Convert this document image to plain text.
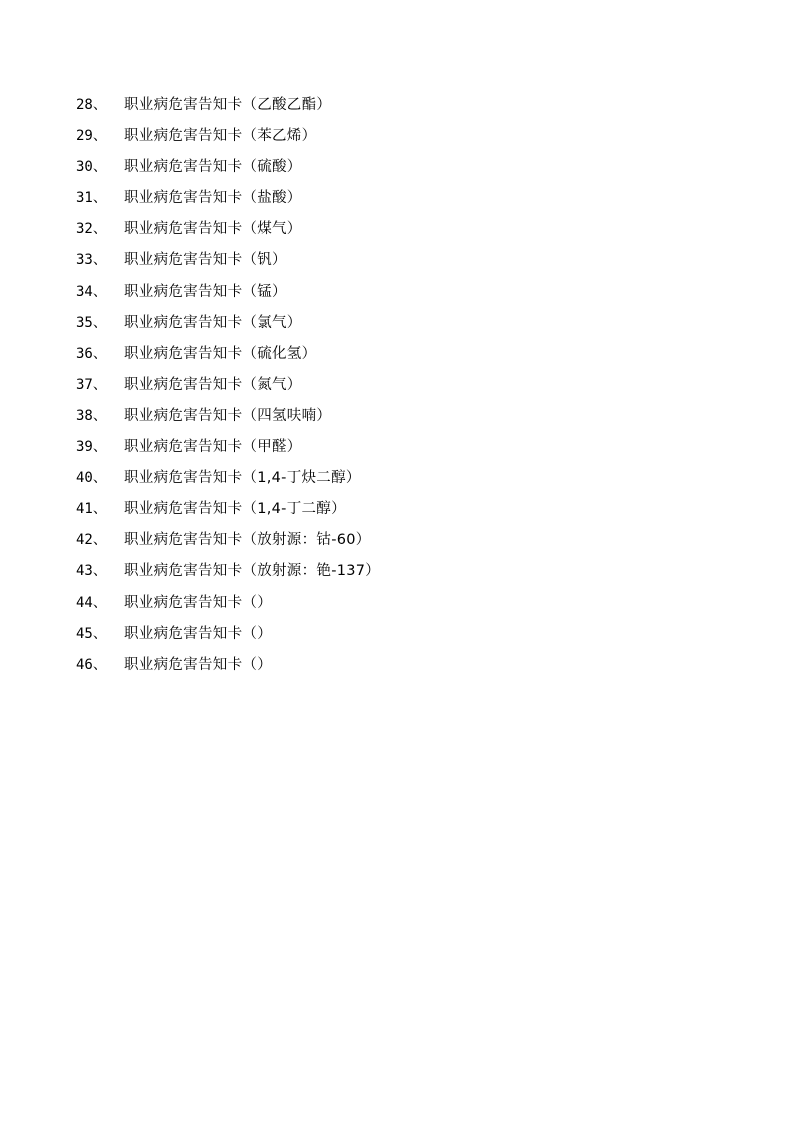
28、	职业病危害告知卡（乙酸乙酯）
29、	职业病危害告知卡（苯乙烯）
30、	职业病危害告知卡（硫酸）
31、	职业病危害告知卡（盐酸）
32、	职业病危害告知卡（煤气）
33、	职业病危害告知卡（钒）
34、	职业病危害告知卡（锰）
35、	职业病危害告知卡（氯气）
36、	职业病危害告知卡（硫化氢）
37、	职业病危害告知卡（氮气）
38、	职业病危害告知卡（四氢呋喃）
39、	职业病危害告知卡（甲醛）
40、	职业病危害告知卡（1,4-丁炔二醇）
41、	职业病危害告知卡（1,4-丁二醇）
42、	职业病危害告知卡（放射源：钴-60）
43、	职业病危害告知卡（放射源：铯-137）
44、	职业病危害告知卡（）
45、	职业病危害告知卡（）
46、	职业病危害告知卡（）
